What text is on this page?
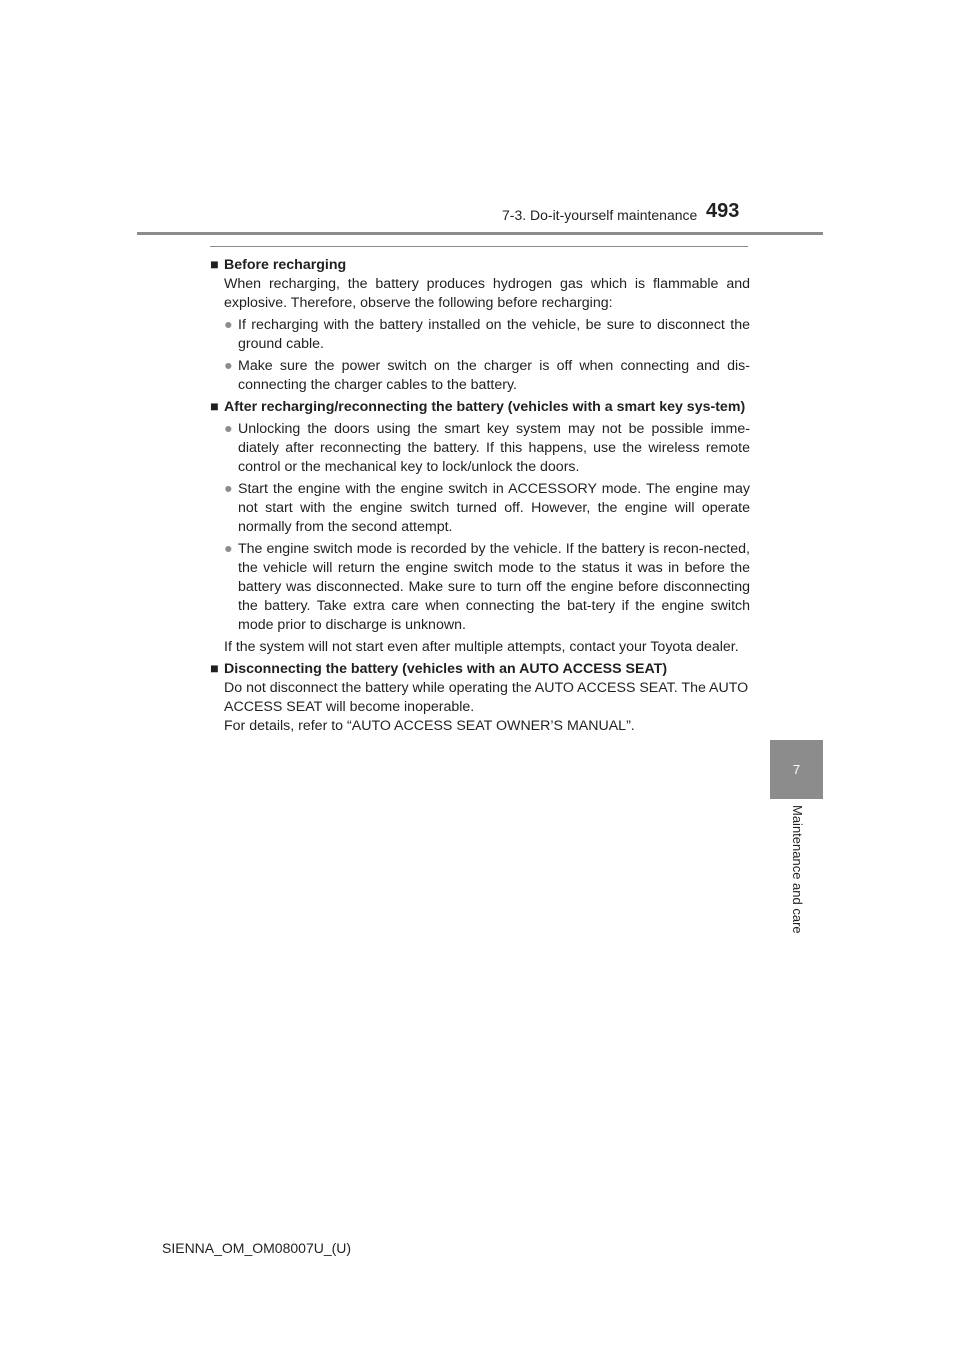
7-3. Do-it-yourself maintenance 493
7
Maintenance and care

■ Before recharging

When recharging, the battery produces hydrogen gas which is flammable and explosive. Therefore, observe the following before recharging:

● If recharging with the battery installed on the vehicle, be sure to disconnect the ground cable.

● Make sure the power switch on the charger is off when connecting and dis-connecting the charger cables to the battery.

■ After recharging/reconnecting the battery (vehicles with a smart key sys-tem)

● Unlocking the doors using the smart key system may not be possible imme-diately after reconnecting the battery. If this happens, use the wireless remote control or the mechanical key to lock/unlock the doors.

● Start the engine with the engine switch in ACCESSORY mode. The engine may not start with the engine switch turned off. However, the engine will operate normally from the second attempt.

● The engine switch mode is recorded by the vehicle. If the battery is recon-nected, the vehicle will return the engine switch mode to the status it was in before the battery was disconnected. Make sure to turn off the engine before disconnecting the battery. Take extra care when connecting the bat-tery if the engine switch mode prior to discharge is unknown.

If the system will not start even after multiple attempts, contact your Toyota dealer.

■ Disconnecting the battery (vehicles with an AUTO ACCESS SEAT)

Do not disconnect the battery while operating the AUTO ACCESS SEAT. The AUTO ACCESS SEAT will become inoperable.

For details, refer to “AUTO ACCESS SEAT OWNER’S MANUAL”.

SIENNA_OM_OM08007U_(U)
